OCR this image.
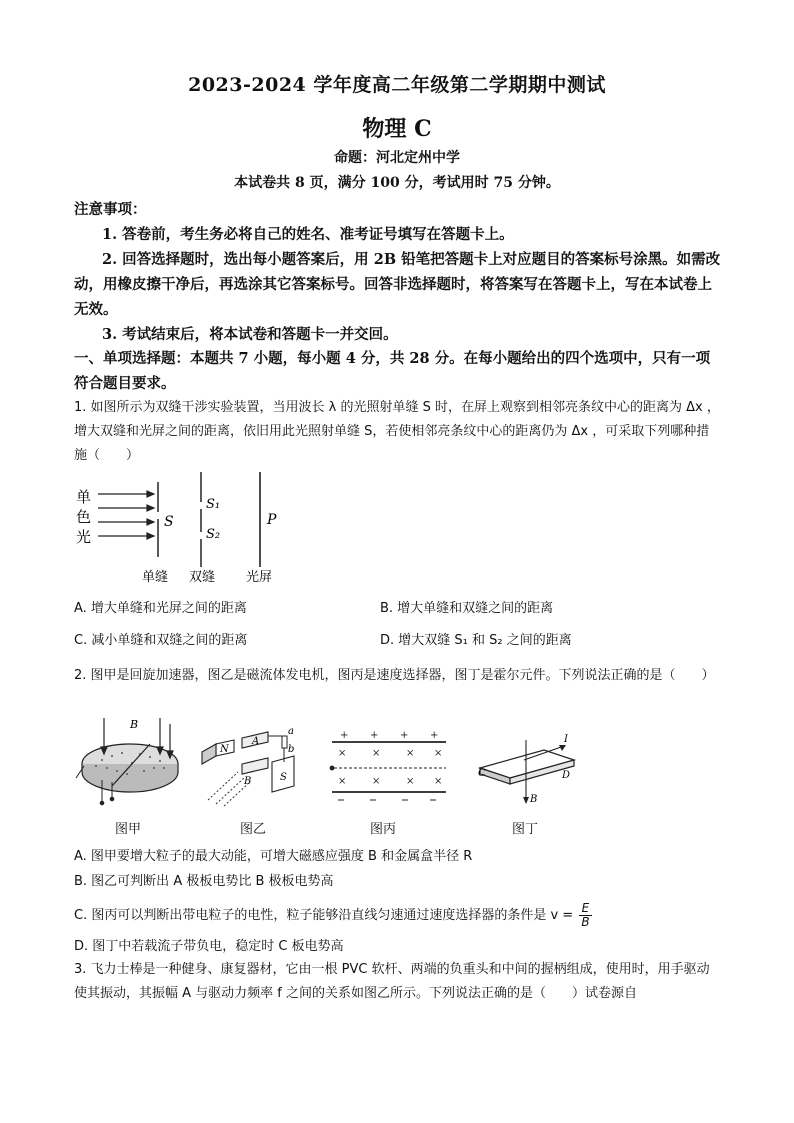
2023-2024 学年度高二年级第二学期期中测试
物理 C
命题：河北定州中学
本试卷共 8 页，满分 100 分，考试用时 75 分钟。
注意事项：
1. 答卷前，考生务必将自己的姓名、准考证号填写在答题卡上。
2. 回答选择题时，选出每小题答案后，用 2B 铅笔把答题卡上对应题目的答案标号涂黑。如需改动，用橡皮擦干净后，再选涂其它答案标号。回答非选择题时，将答案写在答题卡上，写在本试卷上无效。
3. 考试结束后，将本试卷和答题卡一并交回。
一、单项选择题：本题共 7 小题，每小题 4 分，共 28 分。在每小题给出的四个选项中，只有一项符合题目要求。
1. 如图所示为双缝干涉实验装置，当用波长 λ 的光照射单缝 S 时，在屏上观察到相邻亮条纹中心的距离为 Δx ，增大双缝和光屏之间的距离，依旧用此光照射单缝 S，若使相邻亮条纹中心的距离仍为 Δx ，可采取下列哪种措施（　　）
单
色
光
S
S₁
S₂
P
单缝 双缝 光屏
A. 增大单缝和光屏之间的距离	B. 增大单缝和双缝之间的距离
C. 减小单缝和双缝之间的距离	D. 增大双缝 S₁ 和 S₂ 之间的距离
2. 图甲是回旋加速器，图乙是磁流体发电机，图丙是速度选择器，图丁是霍尔元件。下列说法正确的是（　　）
B
图甲
N
A
B	S
a
b
图乙
+ + + +
×	×	× ×
×	×	× ×
图丙
I
C	D
B
图丁
A. 图甲要增大粒子的最大动能，可增大磁感应强度 B 和金属盒半径 R
B. 图乙可判断出 A 极板电势比 B 极板电势高
C. 图丙可以判断出带电粒子的电性，粒子能够沿直线匀速通过速度选择器的条件是 $v = \frac{E}{B}$
D. 图丁中若载流子带负电，稳定时 C 板电势高
3. 飞力士棒是一种健身、康复器材，它由一根 PVC 软杆、两端的负重头和中间的握柄组成，使用时，用手驱动使其振动，其振幅 A 与驱动力频率 f 之间的关系如图乙所示。下列说法正确的是（　　）试卷源自
